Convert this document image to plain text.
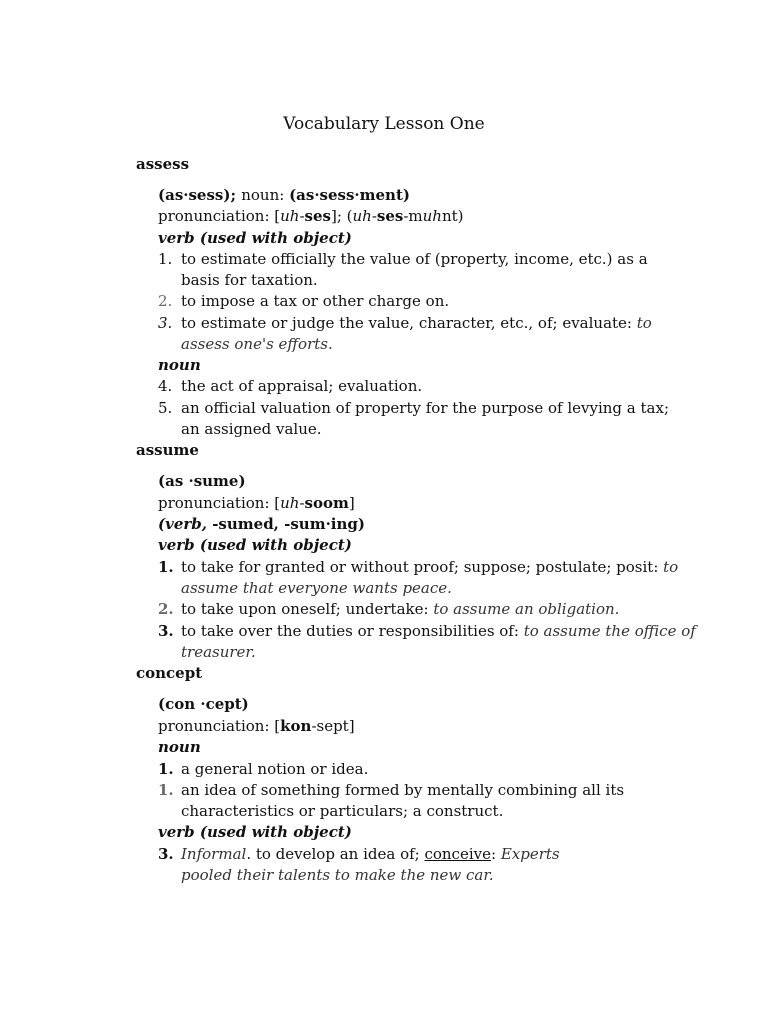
Vocabulary Lesson One
assess
(as·sess); noun: (as·sess·ment)
pronunciation: [uh-ses]; (uh-ses-muhnt)
verb (used with object)
1. to estimate officially the value of (property, income, etc.) as a
basis for taxation.
2. to impose a tax or other charge on.
3. to estimate or judge the value, character, etc., of; evaluate: to
assess one's efforts.
noun
4. the act of appraisal; evaluation.
5. an official valuation of property for the purpose of levying a tax;
an assigned value.
assume
(as ·sume)
pronunciation: [uh-soom]
(verb, -sumed, -sum·ing)
verb (used with object)
1. to take for granted or without proof; suppose; postulate; posit: to
assume that everyone wants peace.
2. to take upon oneself; undertake: to assume an obligation.
3. to take over the duties or responsibilities of: to assume the office of
treasurer.
concept
(con ·cept)
pronunciation: [kon-sept]
noun
1. a general notion or idea.
1. an idea of something formed by mentally combining all its
characteristics or particulars; a construct.
verb (used with object)
3. Informal. to develop an idea of; conceive: Experts
pooled their talents to make the new car.
